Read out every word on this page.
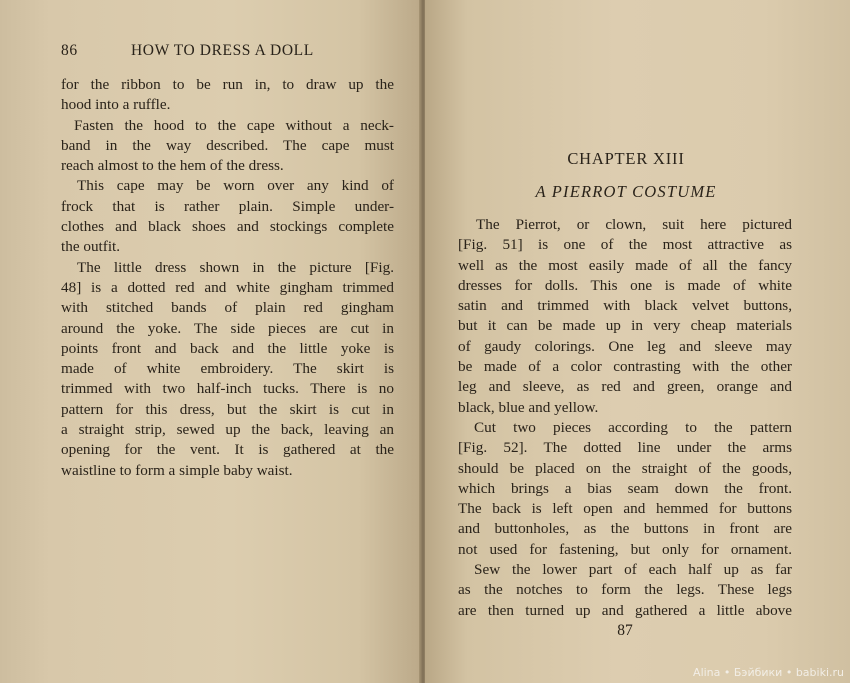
86	HOW TO DRESS A DOLL
for the ribbon to be run in, to draw up the
hood into a ruffle.
Fasten the hood to the cape without a neck-
band in the way described. The cape must
reach almost to the hem of the dress.
This cape may be worn over any kind of
frock that is rather plain. Simple under-
clothes and black shoes and stockings complete
the outfit.
The little dress shown in the picture [Fig.
48] is a dotted red and white gingham trimmed
with stitched bands of plain red gingham
around the yoke. The side pieces are cut in
points front and back and the little yoke is
made of white embroidery. The skirt is
trimmed with two half-inch tucks. There is no
pattern for this dress, but the skirt is cut in
a straight strip, sewed up the back, leaving an
opening for the vent. It is gathered at the
waistline to form a simple baby waist.
CHAPTER XIII
A PIERROT COSTUME
The Pierrot, or clown, suit here pictured
[Fig. 51] is one of the most attractive as
well as the most easily made of all the fancy
dresses for dolls. This one is made of white
satin and trimmed with black velvet buttons,
but it can be made up in very cheap materials
of gaudy colorings. One leg and sleeve may
be made of a color contrasting with the other
leg and sleeve, as red and green, orange and
black, blue and yellow.
Cut two pieces according to the pattern
[Fig. 52]. The dotted line under the arms
should be placed on the straight of the goods,
which brings a bias seam down the front.
The back is left open and hemmed for buttons
and buttonholes, as the buttons in front are
not used for fastening, but only for ornament.
Sew the lower part of each half up as far
as the notches to form the legs. These legs
are then turned up and gathered a little above
87
Alina • Бэйбики • babiki.ru
